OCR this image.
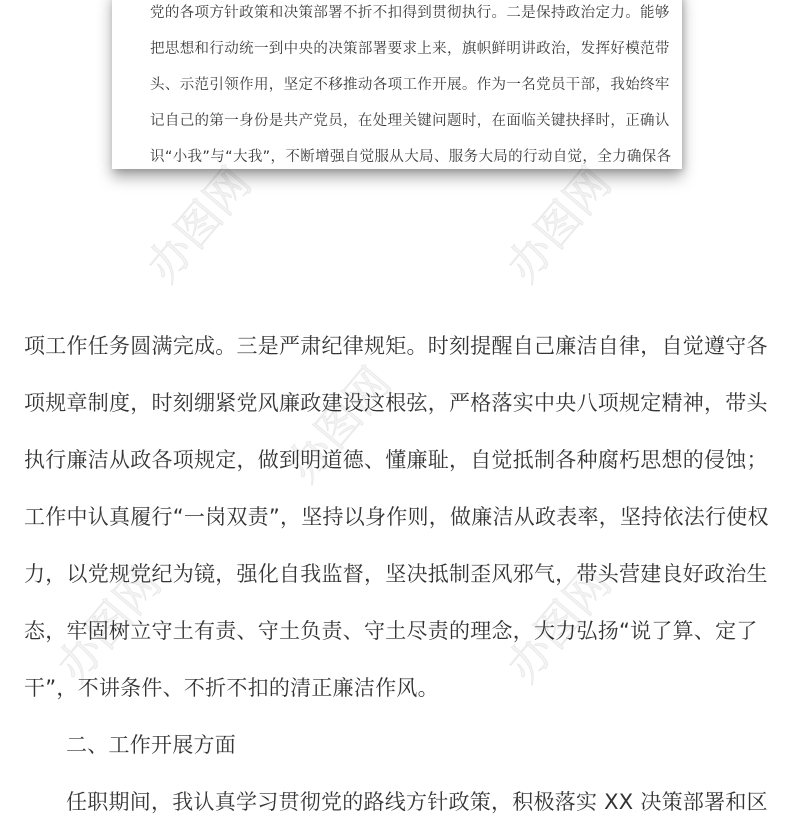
党的各项方针政策和决策部署不折不扣得到贯彻执行。二是保持政治定力。能够
把思想和行动统一到中央的决策部署要求上来，旗帜鲜明讲政治，发挥好模范带
头、示范引领作用，坚定不移推动各项工作开展。作为一名党员干部，我始终牢
记自己的第一身份是共产党员，在处理关键问题时，在面临关键抉择时，正确认
识“小我”与“大我”，不断增强自觉服从大局、服务大局的行动自觉，全力确保各
项工作任务圆满完成。三是严肃纪律规矩。时刻提醒自己廉洁自律，自觉遵守各
项规章制度，时刻绷紧党风廉政建设这根弦，严格落实中央八项规定精神，带头
执行廉洁从政各项规定，做到明道德、懂廉耻，自觉抵制各种腐朽思想的侵蚀；
工作中认真履行“一岗双责”，坚持以身作则，做廉洁从政表率，坚持依法行使权
力，以党规党纪为镜，强化自我监督，坚决抵制歪风邪气，带头营建良好政治生
态，牢固树立守土有责、守土负责、守土尽责的理念，大力弘扬“说了算、定了
干”，不讲条件、不折不扣的清正廉洁作风。
二、工作开展方面
任职期间，我认真学习贯彻党的路线方针政策，积极落实 XX 决策部署和区
办图网	办图网
办图网
办图网	办图网
